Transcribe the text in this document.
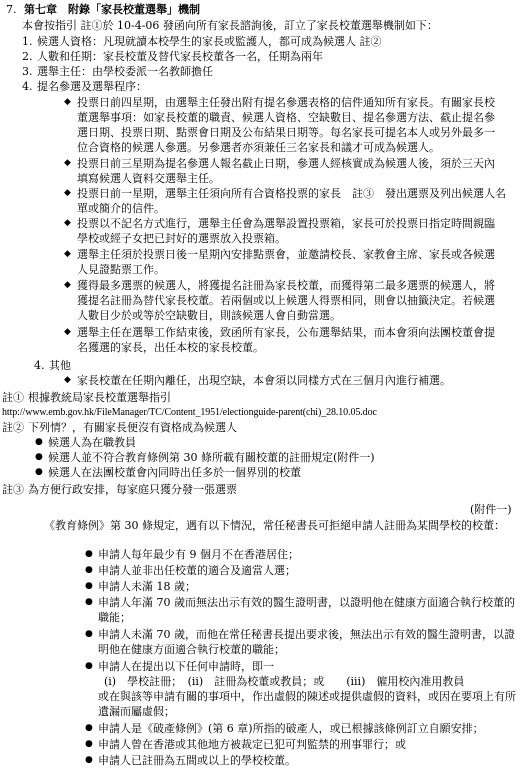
7. 第七章　附錄「家長校董選舉」機制
本會按指引 註①於 10-4-06 發函向所有家長諮詢後，訂立了家長校董選舉機制如下：
1. 候選人資格：凡現就讀本校學生的家長或監護人，都可成為候選人 註②
2. 人數和任期：家長校董及替代家長校董各一名，任期為兩年
3. 選舉主任：由學校委派一名教師擔任
4. 提名參選及選舉程序：
投票日前四星期，由選舉主任發出附有提名參選表格的信件通知所有家長。有關家長校
董選舉事項：如家長校董的職責、候選人資格、空缺數目、提名參選方法、截止提名參
選日期、投票日期、點票會日期及公布結果日期等。每名家長可提名本人或另外最多一
位合資格的候選人參選。另參選者亦須兼任三名家長和議才可成為候選人。
投票日前三星期為提名參選人報名截止日期，參選人經核實成為候選人後，須於三天內
填寫候選人資料交選舉主任。
投票日前一星期，選舉主任須向所有合資格投票的家長　註③　發出選票及列出候選人名
單或簡介的信件。
投票以不記名方式進行，選舉主任會為選舉設置投票箱，家長可於投票日指定時間親臨
學校或經子女把已封好的選票放入投票箱。
選舉主任須於投票日後一星期內安排點票會，並邀請校長、家教會主席、家長或各候選
人見證點票工作。
獲得最多選票的候選人，將獲提名註冊為家長校董，而獲得第二最多選票的候選人，將
獲提名註冊為替代家長校董。若兩個或以上候選人得票相同，則會以抽籤決定。若候選
人數目少於或等於空缺數目，則該候選人會自動當選。
選舉主任在選舉工作結束後，致函所有家長，公布選舉結果，而本會須向法團校董會提
名獲選的家長，出任本校的家長校董。
4. 其他
家長校董在任期內離任，出現空缺，本會須以同樣方式在三個月內進行補選。
註① 根據教統局家長校董選舉指引
http://www.emb.gov.hk/FileManager/TC/Content_1951/electionguide-parent(chi)_28.10.05.doc
註② 下列情？，有關家長便沒有資格成為候選人
候選人為在職教員
候選人並不符合教育條例第 30 條所載有關校董的註冊規定(附件一)
候選人在法團校董會內同時出任多於一個界別的校董
註③ 為方便行政安排，每家庭只獲分發一張選票
(附件一)
《教育條例》第 30 條規定，遇有以下情況，常任秘書長可拒絕申請人註冊為某間學校的校董：
申請人每年最少有 9 個月不在香港居住；
申請人並非出任校董的適合及適當人選；
申請人未滿 18 歲；
申請人年滿 70 歲而無法出示有效的醫生證明書，以證明他在健康方面適合執行校董的
職能；
申請人未滿 70 歲，而他在常任秘書長提出要求後，無法出示有效的醫生證明書，以證
明他在健康方面適合執行校董的職能；
申請人在提出以下任何申請時，即一
(i)　學校註冊；　(ii)　註冊為校董或教員；或　　(iii)　僱用校內准用教員
或在與該等申請有關的事項中，作出虛假的陳述或提供虛假的資料，或因在要項上有所
遺漏而屬虛假；
申請人是《破產條例》(第 6 章)所指的破產人，或已根據該條例訂立自願安排；
申請人曾在香港或其他地方被裁定已犯可判監禁的刑事罪行；或
申請人已註冊為五間或以上的學校校董。
